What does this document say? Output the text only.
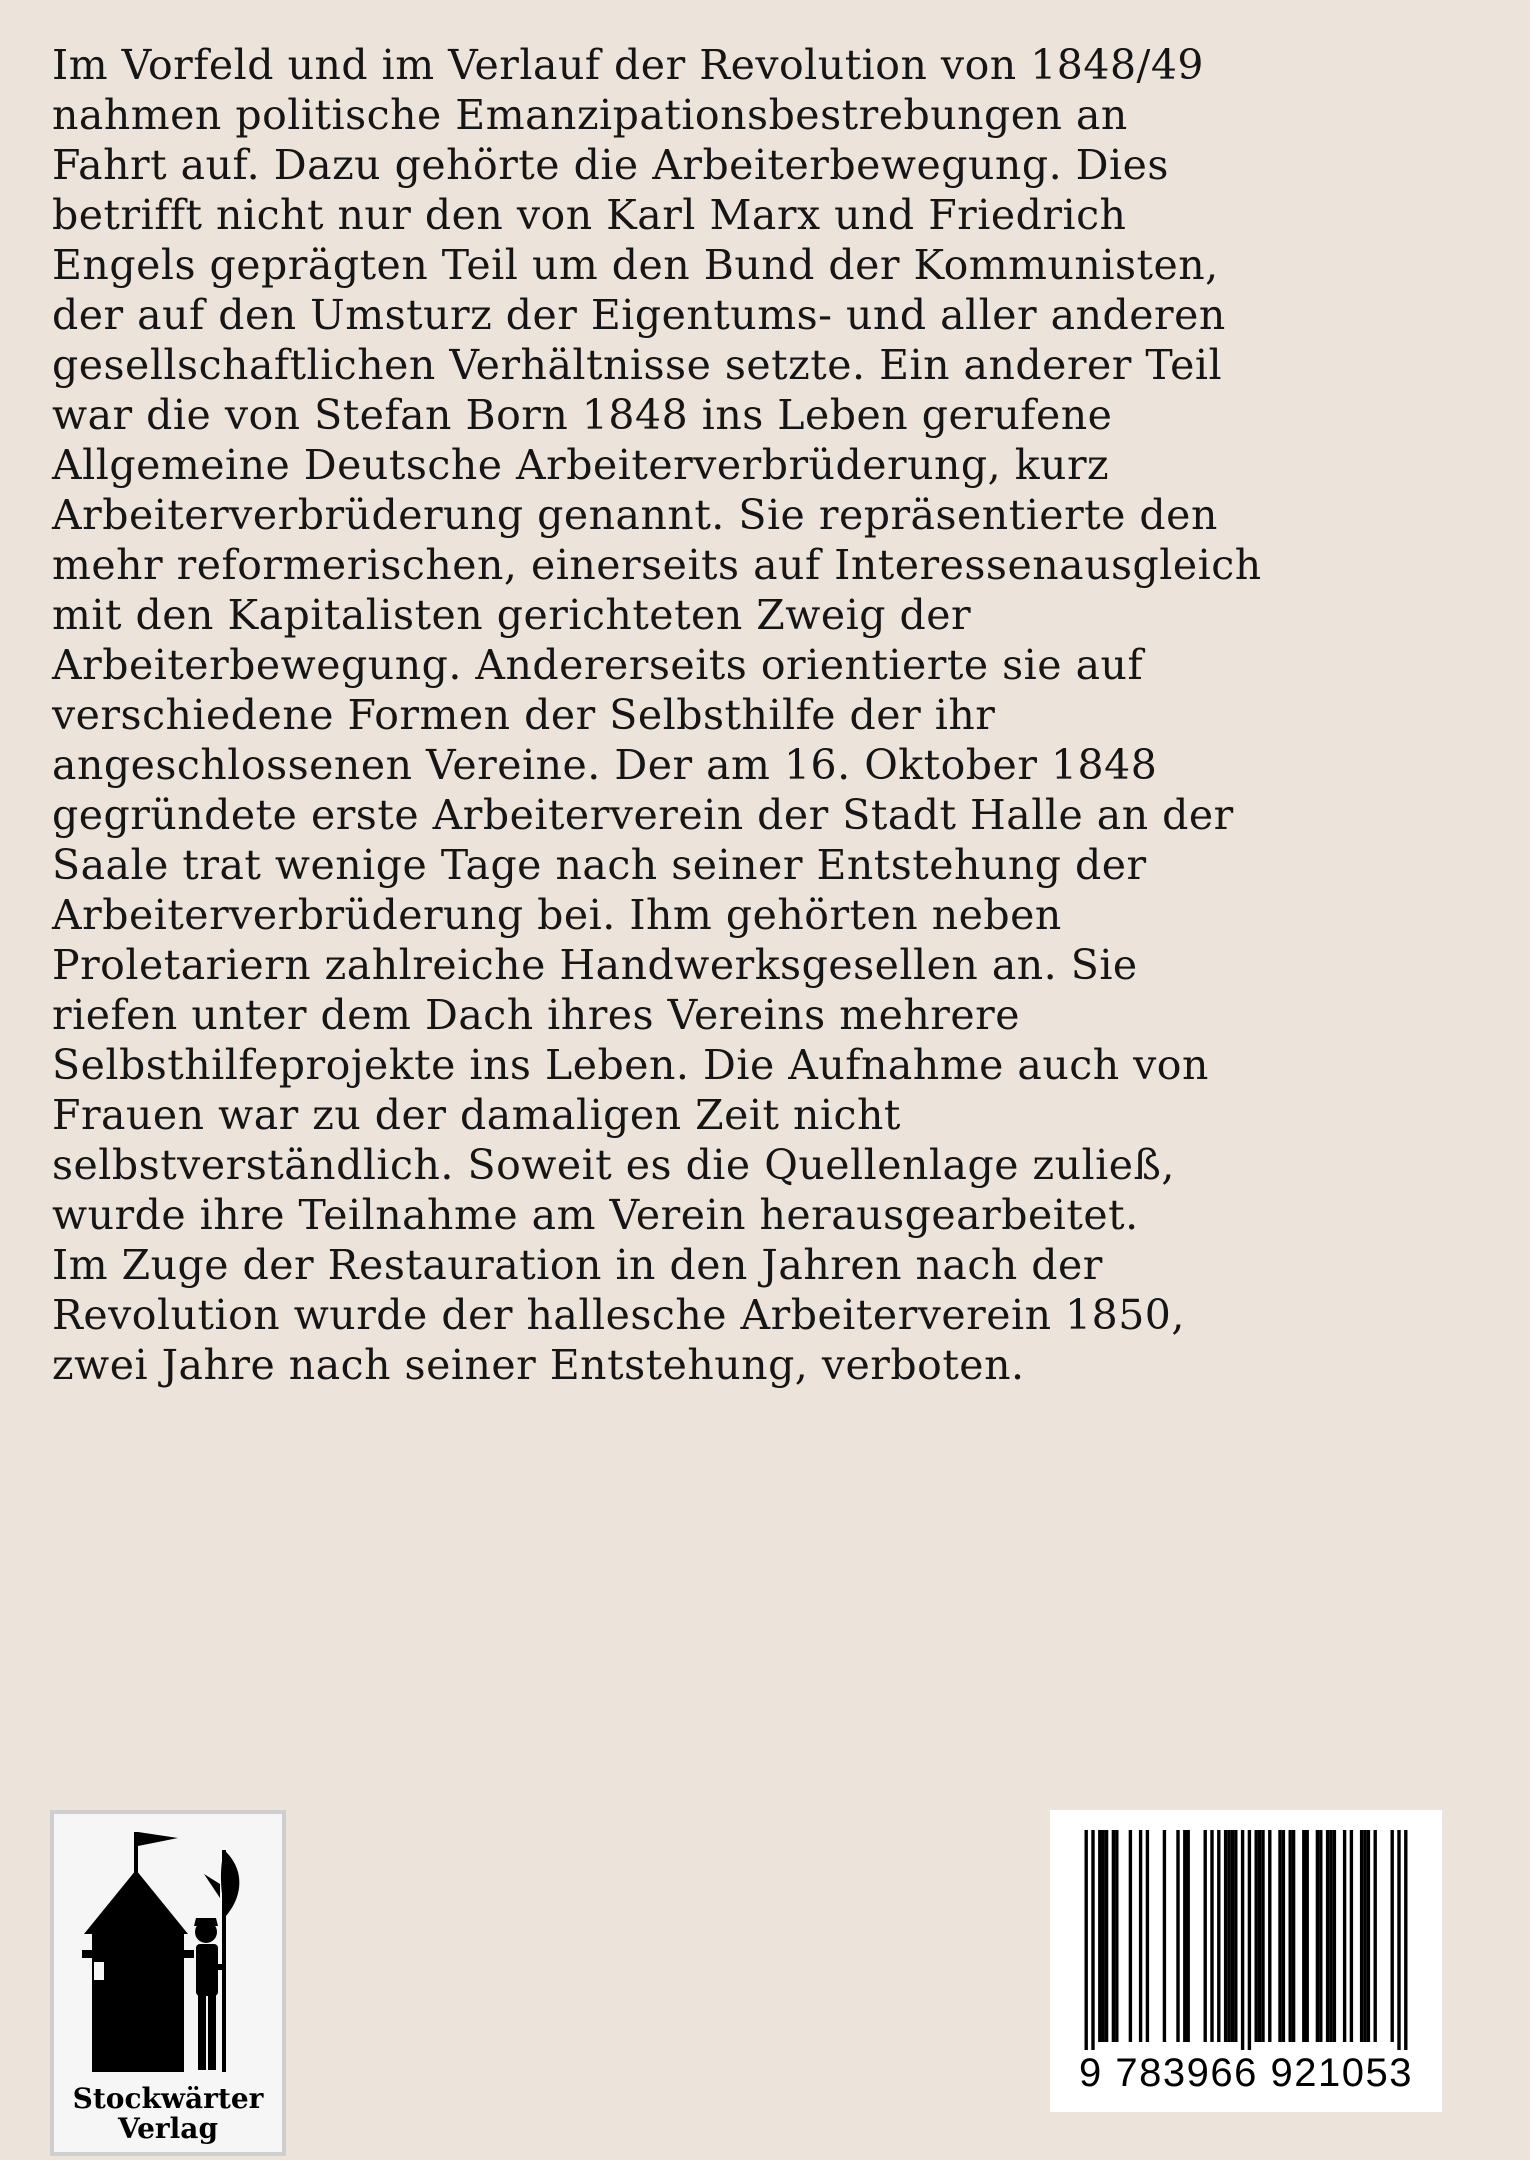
Im Vorfeld und im Verlauf der Revolution von 1848/49
nahmen politische Emanzipationsbestrebungen an
Fahrt auf. Dazu gehörte die Arbeiterbewegung. Dies
betrifft nicht nur den von Karl Marx und Friedrich
Engels geprägten Teil um den Bund der Kommunisten,
der auf den Umsturz der Eigentums- und aller anderen
gesellschaftlichen Verhältnisse setzte. Ein anderer Teil
war die von Stefan Born 1848 ins Leben gerufene
Allgemeine Deutsche Arbeiterverbrüderung, kurz
Arbeiterverbrüderung genannt. Sie repräsentierte den
mehr reformerischen, einerseits auf Interessenausgleich
mit den Kapitalisten gerichteten Zweig der
Arbeiterbewegung. Andererseits orientierte sie auf
verschiedene Formen der Selbsthilfe der ihr
angeschlossenen Vereine. Der am 16. Oktober 1848
gegründete erste Arbeiterverein der Stadt Halle an der
Saale trat wenige Tage nach seiner Entstehung der
Arbeiterverbrüderung bei. Ihm gehörten neben
Proletariern zahlreiche Handwerksgesellen an. Sie
riefen unter dem Dach ihres Vereins mehrere
Selbsthilfeprojekte ins Leben. Die Aufnahme auch von
Frauen war zu der damaligen Zeit nicht
selbstverständlich. Soweit es die Quellenlage zuließ,
wurde ihre Teilnahme am Verein herausgearbeitet.
Im Zuge der Restauration in den Jahren nach der
Revolution wurde der hallesche Arbeiterverein 1850,
zwei Jahre nach seiner Entstehung, verboten.
Stockwärter
Verlag
9 783966 921053
